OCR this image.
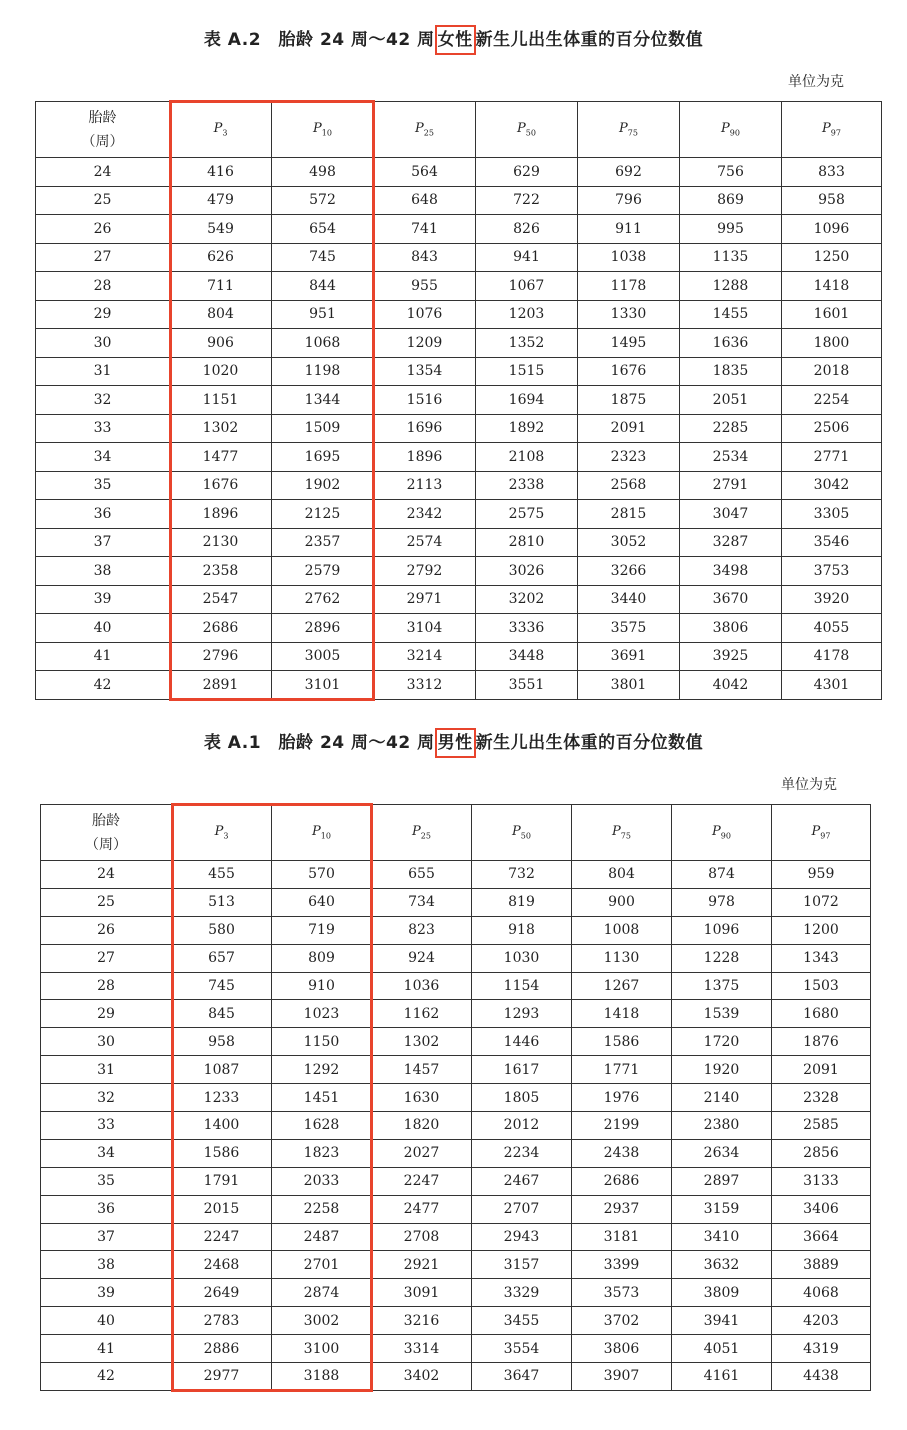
表 A.2　胎龄 24 周～42 周 女性 新生儿出生体重的百分位数值
单位为克
胎龄
（周）	$P_3$	$P_{10}$	$P_{25}$	$P_{50}$	$P_{75}$	$P_{90}$	$P_{97}$
24	416	498	564	629	692	756	833
25	479	572	648	722	796	869	958
26	549	654	741	826	911	995	1096
27	626	745	843	941	1038	1135	1250
28	711	844	955	1067	1178	1288	1418
29	804	951	1076	1203	1330	1455	1601
30	906	1068	1209	1352	1495	1636	1800
31	1020	1198	1354	1515	1676	1835	2018
32	1151	1344	1516	1694	1875	2051	2254
33	1302	1509	1696	1892	2091	2285	2506
34	1477	1695	1896	2108	2323	2534	2771
35	1676	1902	2113	2338	2568	2791	3042
36	1896	2125	2342	2575	2815	3047	3305
37	2130	2357	2574	2810	3052	3287	3546
38	2358	2579	2792	3026	3266	3498	3753
39	2547	2762	2971	3202	3440	3670	3920
40	2686	2896	3104	3336	3575	3806	4055
41	2796	3005	3214	3448	3691	3925	4178
42	2891	3101	3312	3551	3801	4042	4301
表 A.1　胎龄 24 周～42 周 男性 新生儿出生体重的百分位数值
单位为克
胎龄
（周）	$P_3$	$P_{10}$	$P_{25}$	$P_{50}$	$P_{75}$	$P_{90}$	$P_{97}$
24	455	570	655	732	804	874	959
25	513	640	734	819	900	978	1072
26	580	719	823	918	1008	1096	1200
27	657	809	924	1030	1130	1228	1343
28	745	910	1036	1154	1267	1375	1503
29	845	1023	1162	1293	1418	1539	1680
30	958	1150	1302	1446	1586	1720	1876
31	1087	1292	1457	1617	1771	1920	2091
32	1233	1451	1630	1805	1976	2140	2328
33	1400	1628	1820	2012	2199	2380	2585
34	1586	1823	2027	2234	2438	2634	2856
35	1791	2033	2247	2467	2686	2897	3133
36	2015	2258	2477	2707	2937	3159	3406
37	2247	2487	2708	2943	3181	3410	3664
38	2468	2701	2921	3157	3399	3632	3889
39	2649	2874	3091	3329	3573	3809	4068
40	2783	3002	3216	3455	3702	3941	4203
41	2886	3100	3314	3554	3806	4051	4319
42	2977	3188	3402	3647	3907	4161	4438
